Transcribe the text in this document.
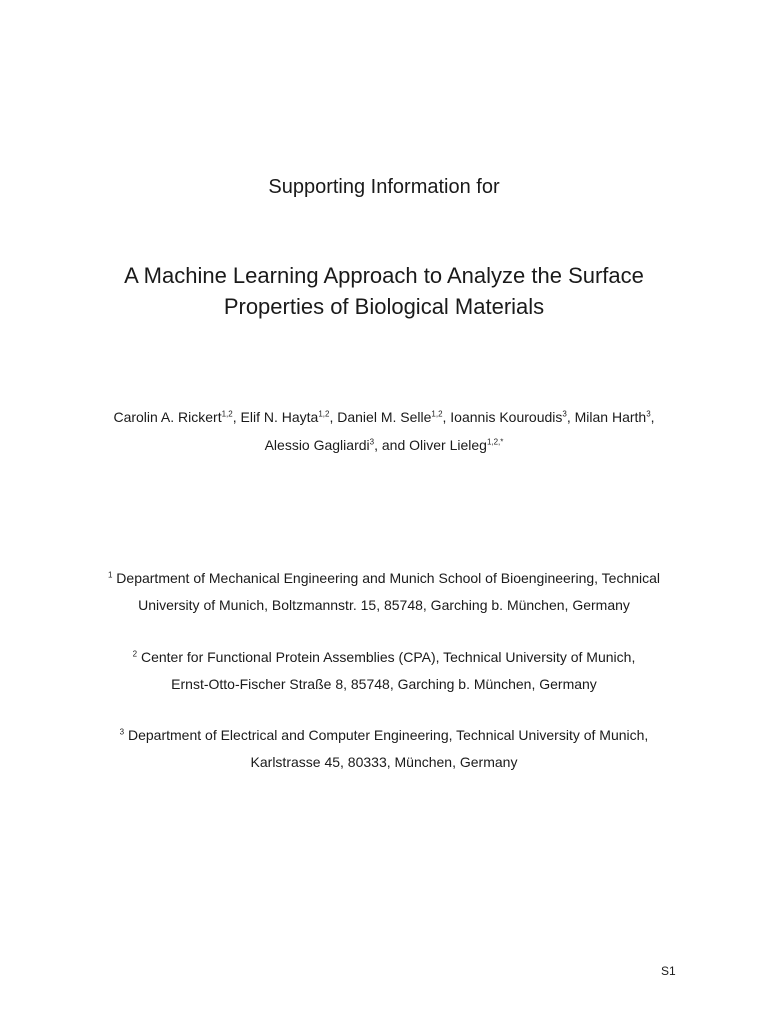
Supporting Information for
A Machine Learning Approach to Analyze the Surface
Properties of Biological Materials
Carolin A. Rickert$^{1,2}$, Elif N. Hayta$^{1,2}$, Daniel M. Selle$^{1,2}$, Ioannis Kouroudis$^3$, Milan Harth$^3$,
Alessio Gagliardi$^3$, and Oliver Lieleg$^{1,2,*}$
$^1$ Department of Mechanical Engineering and Munich School of Bioengineering, Technical
University of Munich, Boltzmannstr. 15, 85748, Garching b. München, Germany
$^2$ Center for Functional Protein Assemblies (CPA), Technical University of Munich,
Ernst-Otto-Fischer Straße 8, 85748, Garching b. München, Germany
$^3$ Department of Electrical and Computer Engineering, Technical University of Munich,
Karlstrasse 45, 80333, München, Germany
S1
